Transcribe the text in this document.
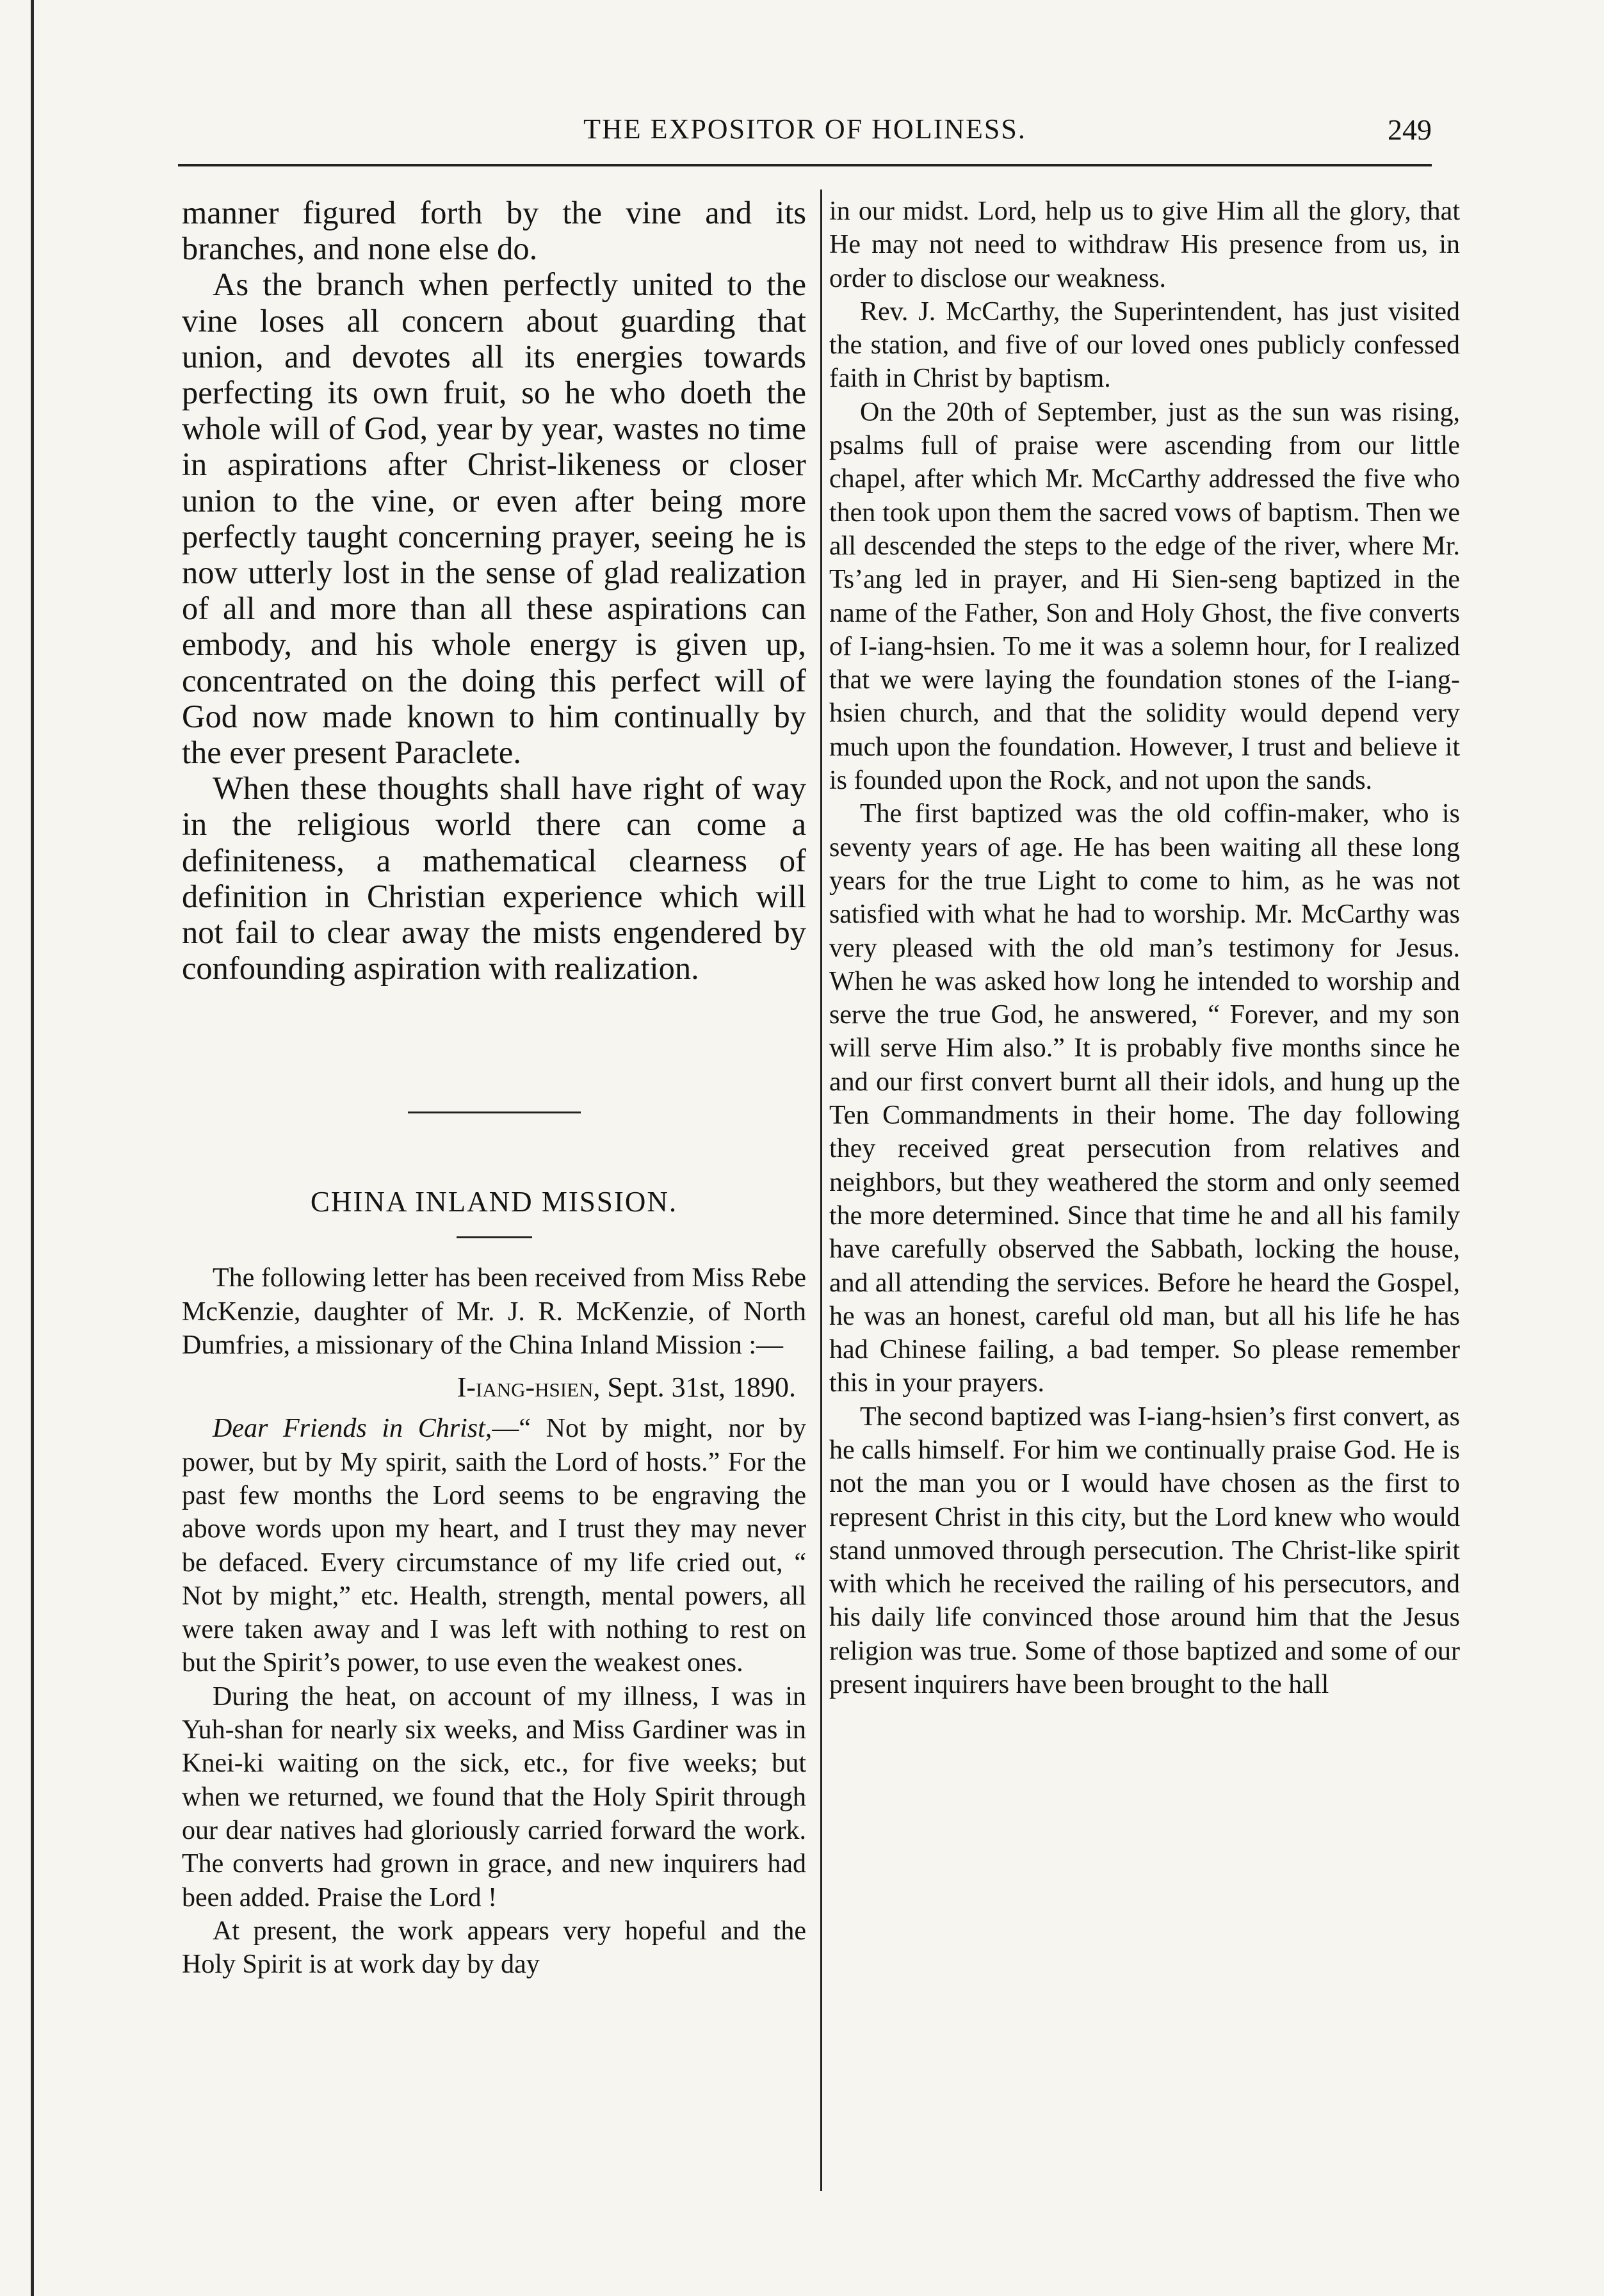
THE EXPOSITOR OF HOLINESS.	249

manner figured forth by the vine and its branches, and none else do.

As the branch when perfectly united to the vine loses all concern about guarding that union, and devotes all its energies towards perfecting its own fruit, so he who doeth the whole will of God, year by year, wastes no time in aspirations after Christ-likeness or closer union to the vine, or even after being more perfectly taught concerning prayer, seeing he is now utterly lost in the sense of glad realization of all and more than all these aspirations can embody, and his whole energy is given up, concentrated on the doing this perfect will of God now made known to him continually by the ever present Paraclete.

When these thoughts shall have right of way in the religious world there can come a definiteness, a mathematical clearness of definition in Christian experience which will not fail to clear away the mists engendered by confounding aspiration with realization.

CHINA INLAND MISSION.

The following letter has been received from Miss Rebe McKenzie, daughter of Mr. J. R. McKenzie, of North Dumfries, a missionary of the China Inland Mission :—

I-iang-hsien, Sept. 31st, 1890.

Dear Friends in Christ,—“ Not by might, nor by power, but by My spirit, saith the Lord of hosts.” For the past few months the Lord seems to be engraving the above words upon my heart, and I trust they may never be defaced. Every circumstance of my life cried out, “ Not by might,” etc. Health, strength, mental powers, all were taken away and I was left with nothing to rest on but the Spirit’s power, to use even the weakest ones.

During the heat, on account of my illness, I was in Yuh-shan for nearly six weeks, and Miss Gardiner was in Knei-ki waiting on the sick, etc., for five weeks; but when we returned, we found that the Holy Spirit through our dear natives had gloriously carried forward the work. The converts had grown in grace, and new inquirers had been added. Praise the Lord !

At present, the work appears very hopeful and the Holy Spirit is at work day by day

in our midst. Lord, help us to give Him all the glory, that He may not need to withdraw His presence from us, in order to disclose our weakness.

Rev. J. McCarthy, the Superintendent, has just visited the station, and five of our loved ones publicly confessed faith in Christ by baptism.

On the 20th of September, just as the sun was rising, psalms full of praise were ascending from our little chapel, after which Mr. McCarthy addressed the five who then took upon them the sacred vows of baptism. Then we all descended the steps to the edge of the river, where Mr. Ts’ang led in prayer, and Hi Sien-seng baptized in the name of the Father, Son and Holy Ghost, the five converts of I-iang-hsien. To me it was a solemn hour, for I realized that we were laying the foundation stones of the I-iang-hsien church, and that the solidity would depend very much upon the foundation. However, I trust and believe it is founded upon the Rock, and not upon the sands.

The first baptized was the old coffin-maker, who is seventy years of age. He has been waiting all these long years for the true Light to come to him, as he was not satisfied with what he had to worship. Mr. McCarthy was very pleased with the old man’s testimony for Jesus. When he was asked how long he intended to worship and serve the true God, he answered, “ Forever, and my son will serve Him also.” It is probably five months since he and our first convert burnt all their idols, and hung up the Ten Commandments in their home. The day following they received great persecution from relatives and neighbors, but they weathered the storm and only seemed the more determined. Since that time he and all his family have carefully observed the Sabbath, locking the house, and all attending the services. Before he heard the Gospel, he was an honest, careful old man, but all his life he has had Chinese failing, a bad temper. So please remember this in your prayers.

The second baptized was I-iang-hsien’s first convert, as he calls himself. For him we continually praise God. He is not the man you or I would have chosen as the first to represent Christ in this city, but the Lord knew who would stand unmoved through persecution. The Christ-like spirit with which he received the railing of his persecutors, and his daily life convinced those around him that the Jesus religion was true. Some of those baptized and some of our present inquirers have been brought to the hall
